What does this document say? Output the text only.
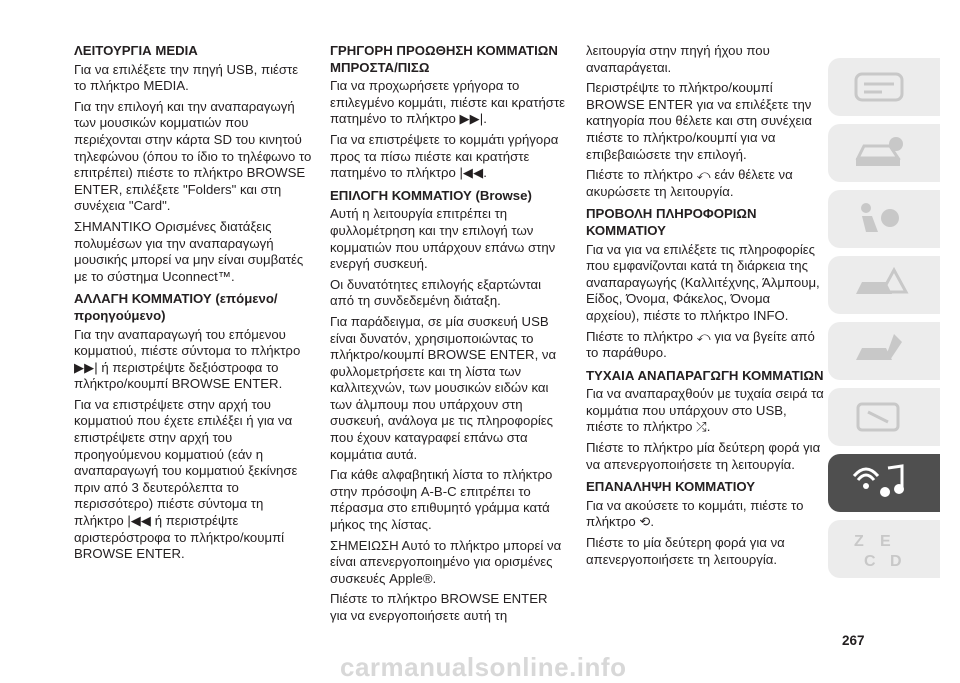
ΛΕΙΤΟΥΡΓΙΑ MEDIA

Για να επιλέξετε την πηγή USB, πιέστε το πλήκτρο MEDIA.

Για την επιλογή και την αναπαραγωγή των μουσικών κομματιών που περιέχονται στην κάρτα SD του κινητού τηλεφώνου (όπου το ίδιο το τηλέφωνο το επιτρέπει) πιέστε το πλήκτρο BROWSE ENTER, επιλέξετε "Folders" και στη συνέχεια "Card".

ΣΗΜΑΝΤΙΚΟ Ορισμένες διατάξεις πολυμέσων για την αναπαραγωγή μουσικής μπορεί να μην είναι συμβατές με το σύστημα Uconnect™.

ΑΛΛΑΓΗ ΚΟΜΜΑΤΙΟΥ (επόμενο/προηγούμενο)

Για την αναπαραγωγή του επόμενου κομματιού, πιέστε σύντομα το πλήκτρο ▶▶| ή περιστρέψτε δεξιόστροφα το πλήκτρο/κουμπί BROWSE ENTER.

Για να επιστρέψετε στην αρχή του κομματιού που έχετε επιλέξει ή για να επιστρέψετε στην αρχή του προηγούμενου κομματιού (εάν η αναπαραγωγή του κομματιού ξεκίνησε πριν από 3 δευτερόλεπτα το περισσότερο) πιέστε σύντομα τη πλήκτρο |◀◀ ή περιστρέψτε αριστερόστροφα το πλήκτρο/κουμπί BROWSE ENTER.

ΓΡΗΓΟΡΗ ΠΡΟΩΘΗΣΗ ΚΟΜΜΑΤΙΩΝ ΜΠΡΟΣΤΑ/ΠΙΣΩ

Για να προχωρήσετε γρήγορα το επιλεγμένο κομμάτι, πιέστε και κρατήστε πατημένο το πλήκτρο ▶▶|.

Για να επιστρέψετε το κομμάτι γρήγορα προς τα πίσω πιέστε και κρατήστε πατημένο το πλήκτρο |◀◀.

ΕΠΙΛΟΓΗ ΚΟΜΜΑΤΙΟΥ (Browse)

Αυτή η λειτουργία επιτρέπει τη φυλλομέτρηση και την επιλογή των κομματιών που υπάρχουν επάνω στην ενεργή συσκευή.

Οι δυνατότητες επιλογής εξαρτώνται από τη συνδεδεμένη διάταξη.

Για παράδειγμα, σε μία συσκευή USB είναι δυνατόν, χρησιμοποιώντας το πλήκτρο/κουμπί BROWSE ENTER, να φυλλομετρήσετε και τη λίστα των καλλιτεχνών, των μουσικών ειδών και των άλμπουμ που υπάρχουν στη συσκευή, ανάλογα με τις πληροφορίες που έχουν καταγραφεί επάνω στα κομμάτια αυτά.

Για κάθε αλφαβητική λίστα το πλήκτρο στην πρόσοψη A-B-C επιτρέπει το πέρασμα στο επιθυμητό γράμμα κατά μήκος της λίστας.

ΣΗΜΕΙΩΣΗ Αυτό το πλήκτρο μπορεί να είναι απενεργοποιημένο για ορισμένες συσκευές Apple®.

Πιέστε το πλήκτρο BROWSE ENTER για να ενεργοποιήσετε αυτή τη

λειτουργία στην πηγή ήχου που αναπαράγεται.

Περιστρέψτε το πλήκτρο/κουμπί BROWSE ENTER για να επιλέξετε την κατηγορία που θέλετε και στη συνέχεια πιέστε το πλήκτρο/κουμπί για να επιβεβαιώσετε την επιλογή.

Πιέστε το πλήκτρο ⤺ εάν θέλετε να ακυρώσετε τη λειτουργία.

ΠΡΟΒΟΛΗ ΠΛΗΡΟΦΟΡΙΩΝ ΚΟΜΜΑΤΙΟΥ

Για να για να επιλέξετε τις πληροφορίες που εμφανίζονται κατά τη διάρκεια της αναπαραγωγής (Καλλιτέχνης, Άλμπουμ, Είδος, Όνομα, Φάκελος, Όνομα αρχείου), πιέστε το πλήκτρο INFO.

Πιέστε το πλήκτρο ⤺ για να βγείτε από το παράθυρο.

ΤΥΧΑΙΑ ΑΝΑΠΑΡΑΓΩΓΗ ΚΟΜΜΑΤΙΩΝ

Για να αναπαραχθούν με τυχαία σειρά τα κομμάτια που υπάρχουν στο USB, πιέστε το πλήκτρο ⤮.

Πιέστε το πλήκτρο μία δεύτερη φορά για να απενεργοποιήσετε τη λειτουργία.

ΕΠΑΝΑΛΗΨΗ ΚΟΜΜΑΤΙΟΥ

Για να ακούσετε το κομμάτι, πιέστε το πλήκτρο ⟲.

Πιέστε το μία δεύτερη φορά για να απενεργοποιήσετε τη λειτουργία.

Z E
C D
267
carmanualsonline.info
